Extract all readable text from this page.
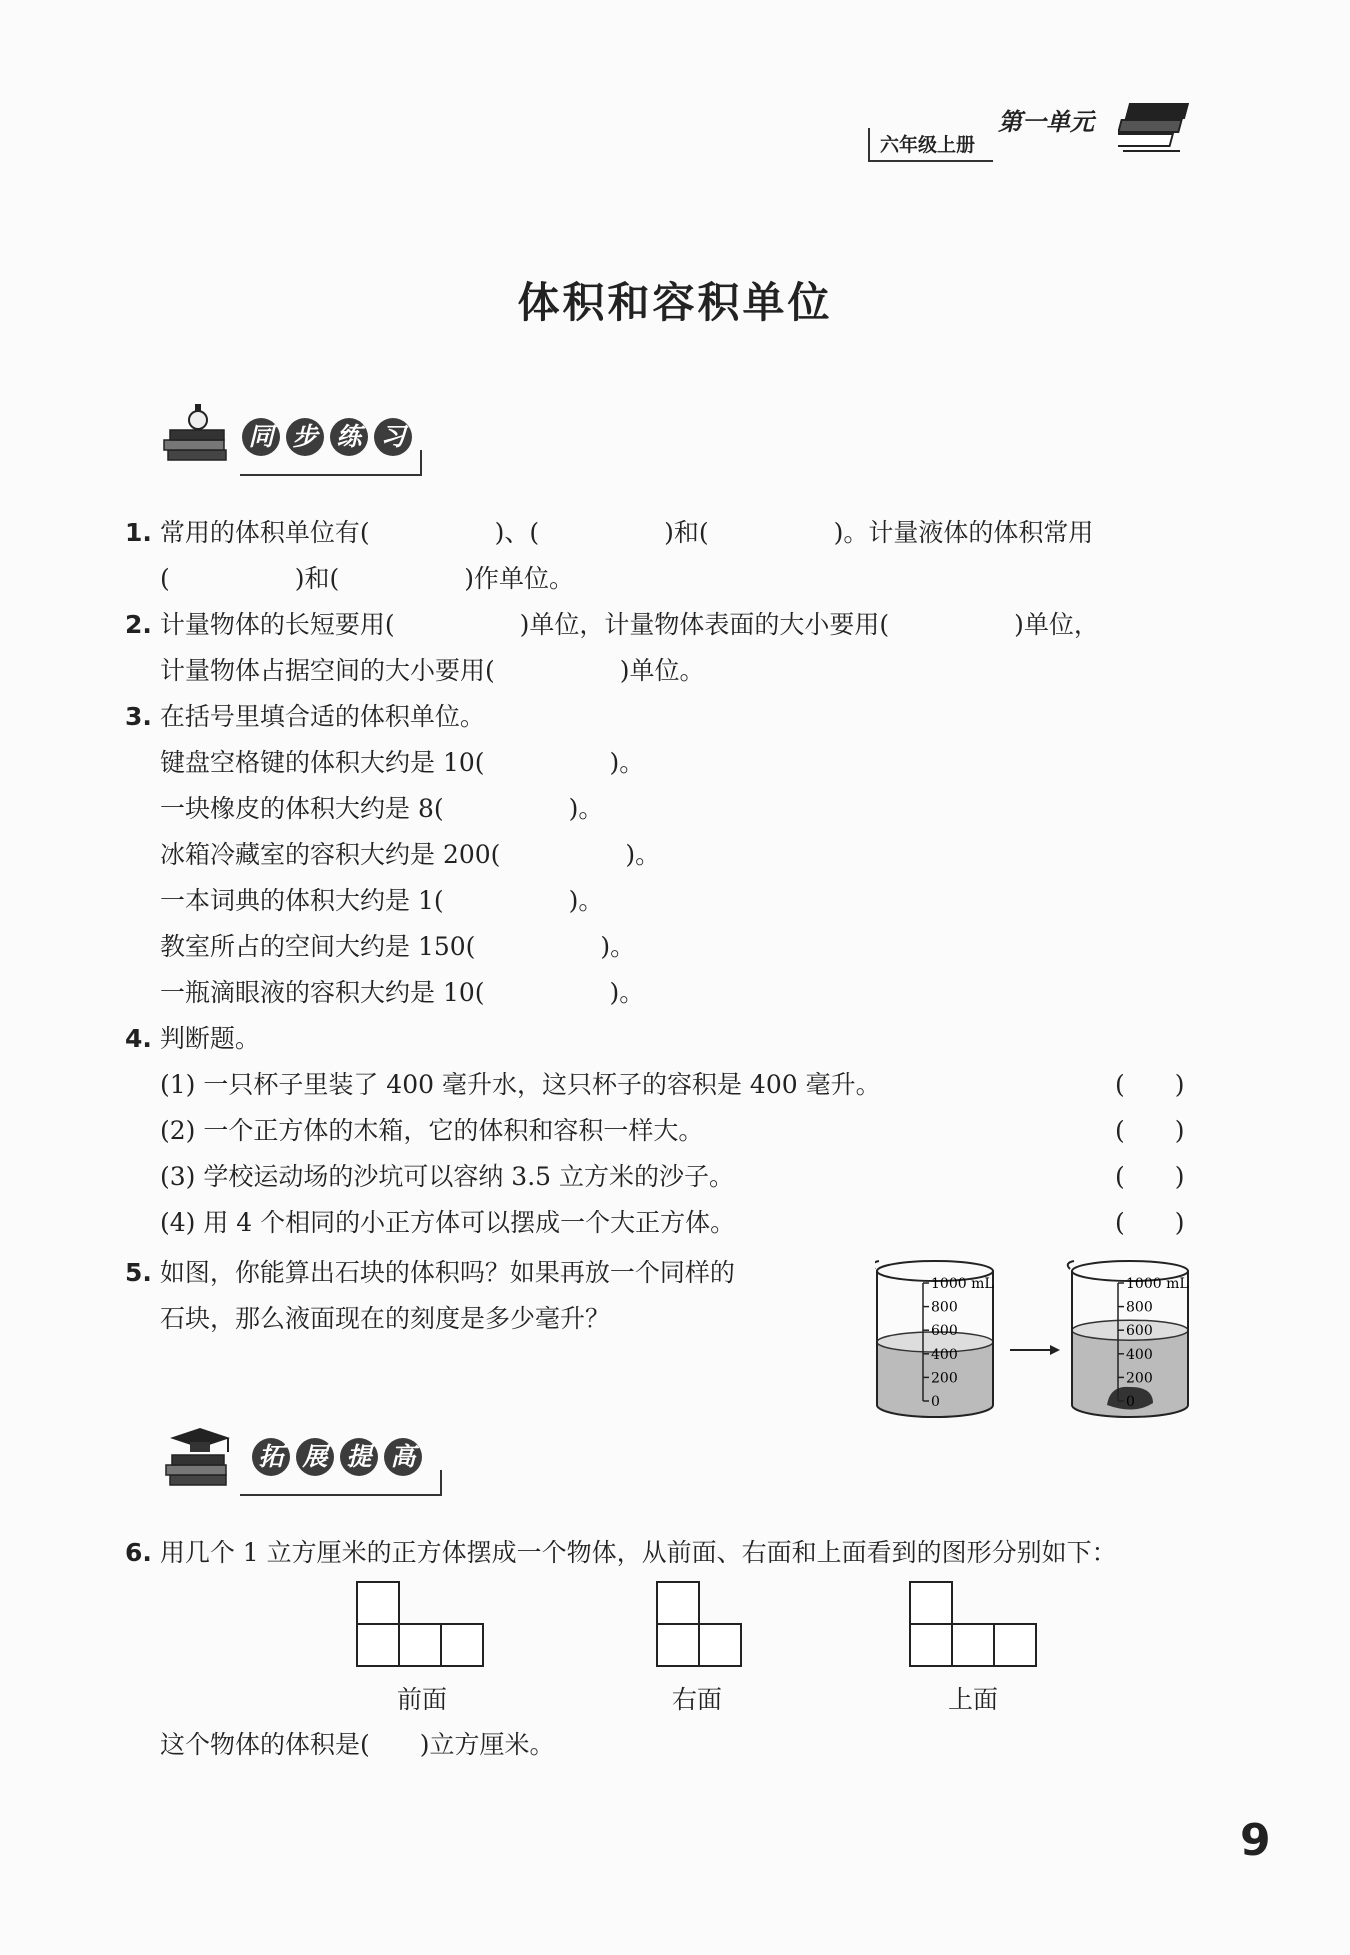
六年级上册
第一单元
体积和容积单位
同 步 练 习
1. 常用的体积单位有(　　　　　)、(　　　　　)和(　　　　　)。计量液体的体积常用
(　　　　　)和(　　　　　)作单位。
2. 计量物体的长短要用(　　　　　)单位，计量物体表面的大小要用(　　　　　)单位，
计量物体占据空间的大小要用(　　　　　)单位。
3. 在括号里填合适的体积单位。
键盘空格键的体积大约是 10(　　　　　)。
一块橡皮的体积大约是 8(　　　　　)。
冰箱冷藏室的容积大约是 200(　　　　　)。
一本词典的体积大约是 1(　　　　　)。
教室所占的空间大约是 150(　　　　　)。
一瓶滴眼液的容积大约是 10(　　　　　)。
4. 判断题。
(1) 一只杯子里装了 400 毫升水，这只杯子的容积是 400 毫升。	(　　)
(2) 一个正方体的木箱，它的体积和容积一样大。	(　　)
(3) 学校运动场的沙坑可以容纳 3.5 立方米的沙子。	(　　)
(4) 用 4 个相同的小正方体可以摆成一个大正方体。	(　　)
5. 如图，你能算出石块的体积吗？如果再放一个同样的
石块，那么液面现在的刻度是多少毫升？
1000 mL
800
600
400
200
0
1000 mL
800
600
400
200
0
拓 展 提 高
6. 用几个 1 立方厘米的正方体摆成一个物体，从前面、右面和上面看到的图形分别如下：
这个物体的体积是(　　)立方厘米。
前面	右面	上面
9
